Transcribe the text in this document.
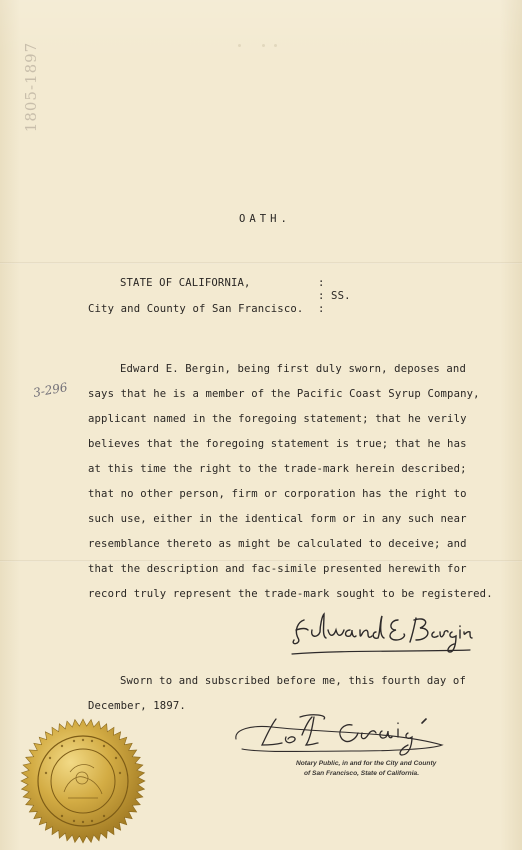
1805-1897
OATH.
STATE OF CALIFORNIA,	:
: SS.
City and County of San Francisco. :
3-296
Edward E. Bergin, being first duly sworn, deposes and
says that he is a member of the Pacific Coast Syrup Company,
applicant named in the foregoing statement; that he verily
believes that the foregoing statement is true; that he has
at this time the right to the trade-mark herein described;
that no other person, firm or corporation has the right to
such use, either in the identical form or in any such near
resemblance thereto as might be calculated to deceive; and
that the description and fac-simile presented herewith for
record truly represent the trade-mark sought to be registered.
Sworn to and subscribed before me, this fourth day of
December, 1897.
Notary Public, in and for the City and County
of San Francisco, State of California.
